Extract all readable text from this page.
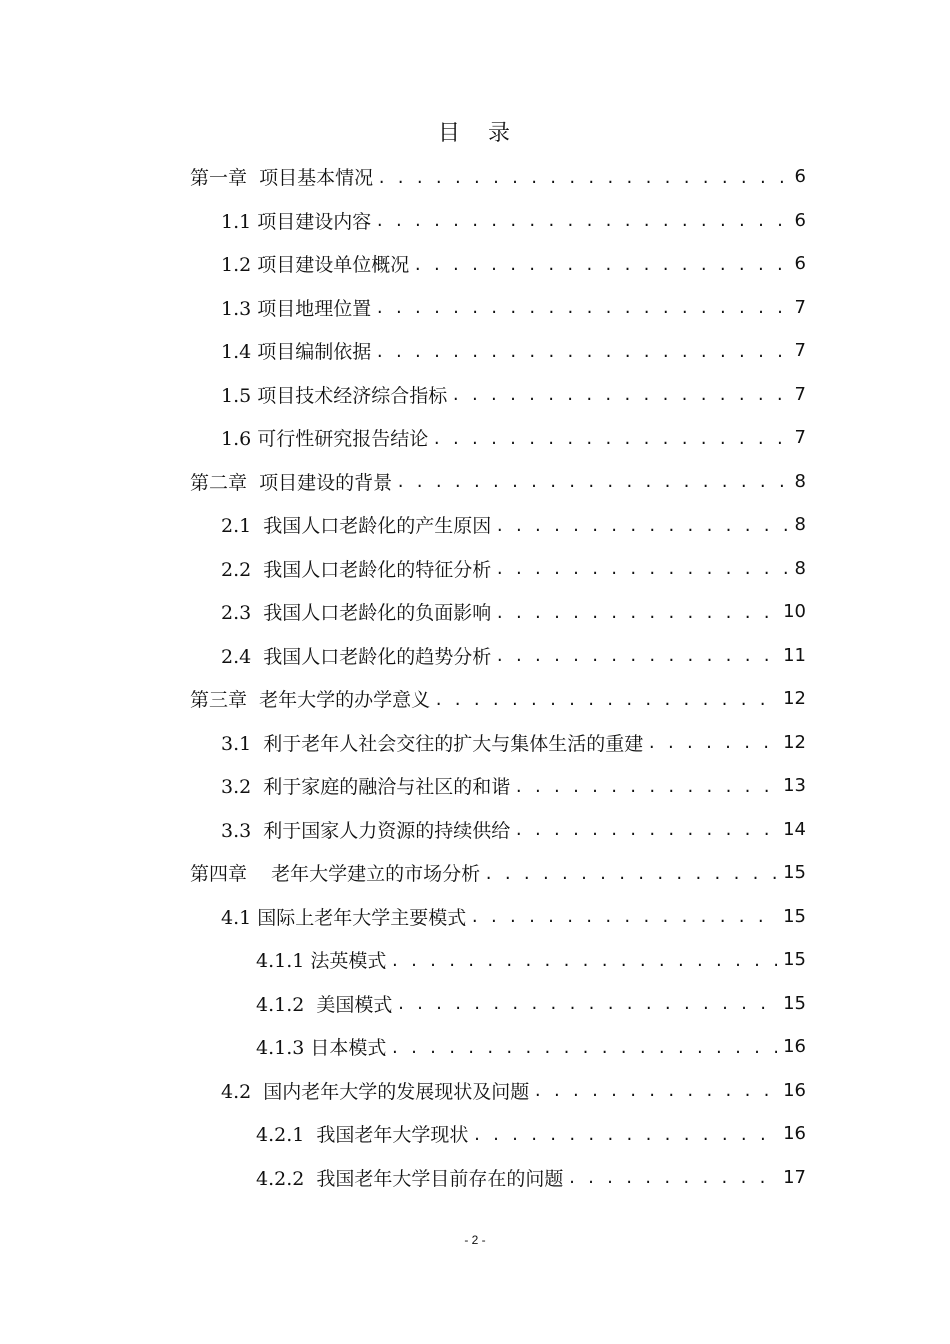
目 录
第一章  项目基本情况 . . .	6
1.1 项目建设内容 . . .	6
1.2 项目建设单位概况 . . .	6
1.3 项目地理位置 . . .	7
1.4 项目编制依据 . . .	7
1.5 项目技术经济综合指标 . . .	7
1.6 可行性研究报告结论 . . .	7
第二章  项目建设的背景 . . .	8
2.1  我国人口老龄化的产生原因 . . .	8
2.2  我国人口老龄化的特征分析 . . .	8
2.3  我国人口老龄化的负面影响 . . .	10
2.4  我国人口老龄化的趋势分析 . . .	11
第三章  老年大学的办学意义 . . .	12
3.1  利于老年人社会交往的扩大与集体生活的重建 . . .	12
3.2  利于家庭的融洽与社区的和谐 . . .	13
3.3  利于国家人力资源的持续供给 . . .	14
第四章    老年大学建立的市场分析 . . .	15
4.1 国际上老年大学主要模式 . . .	15
4.1.1 法英模式 . . .	15
4.1.2  美国模式 . . .	15
4.1.3 日本模式 . . .	16
4.2  国内老年大学的发展现状及问题 . . .	16
4.2.1  我国老年大学现状 . . .	16
4.2.2  我国老年大学目前存在的问题 . . .	17
- 2 -
